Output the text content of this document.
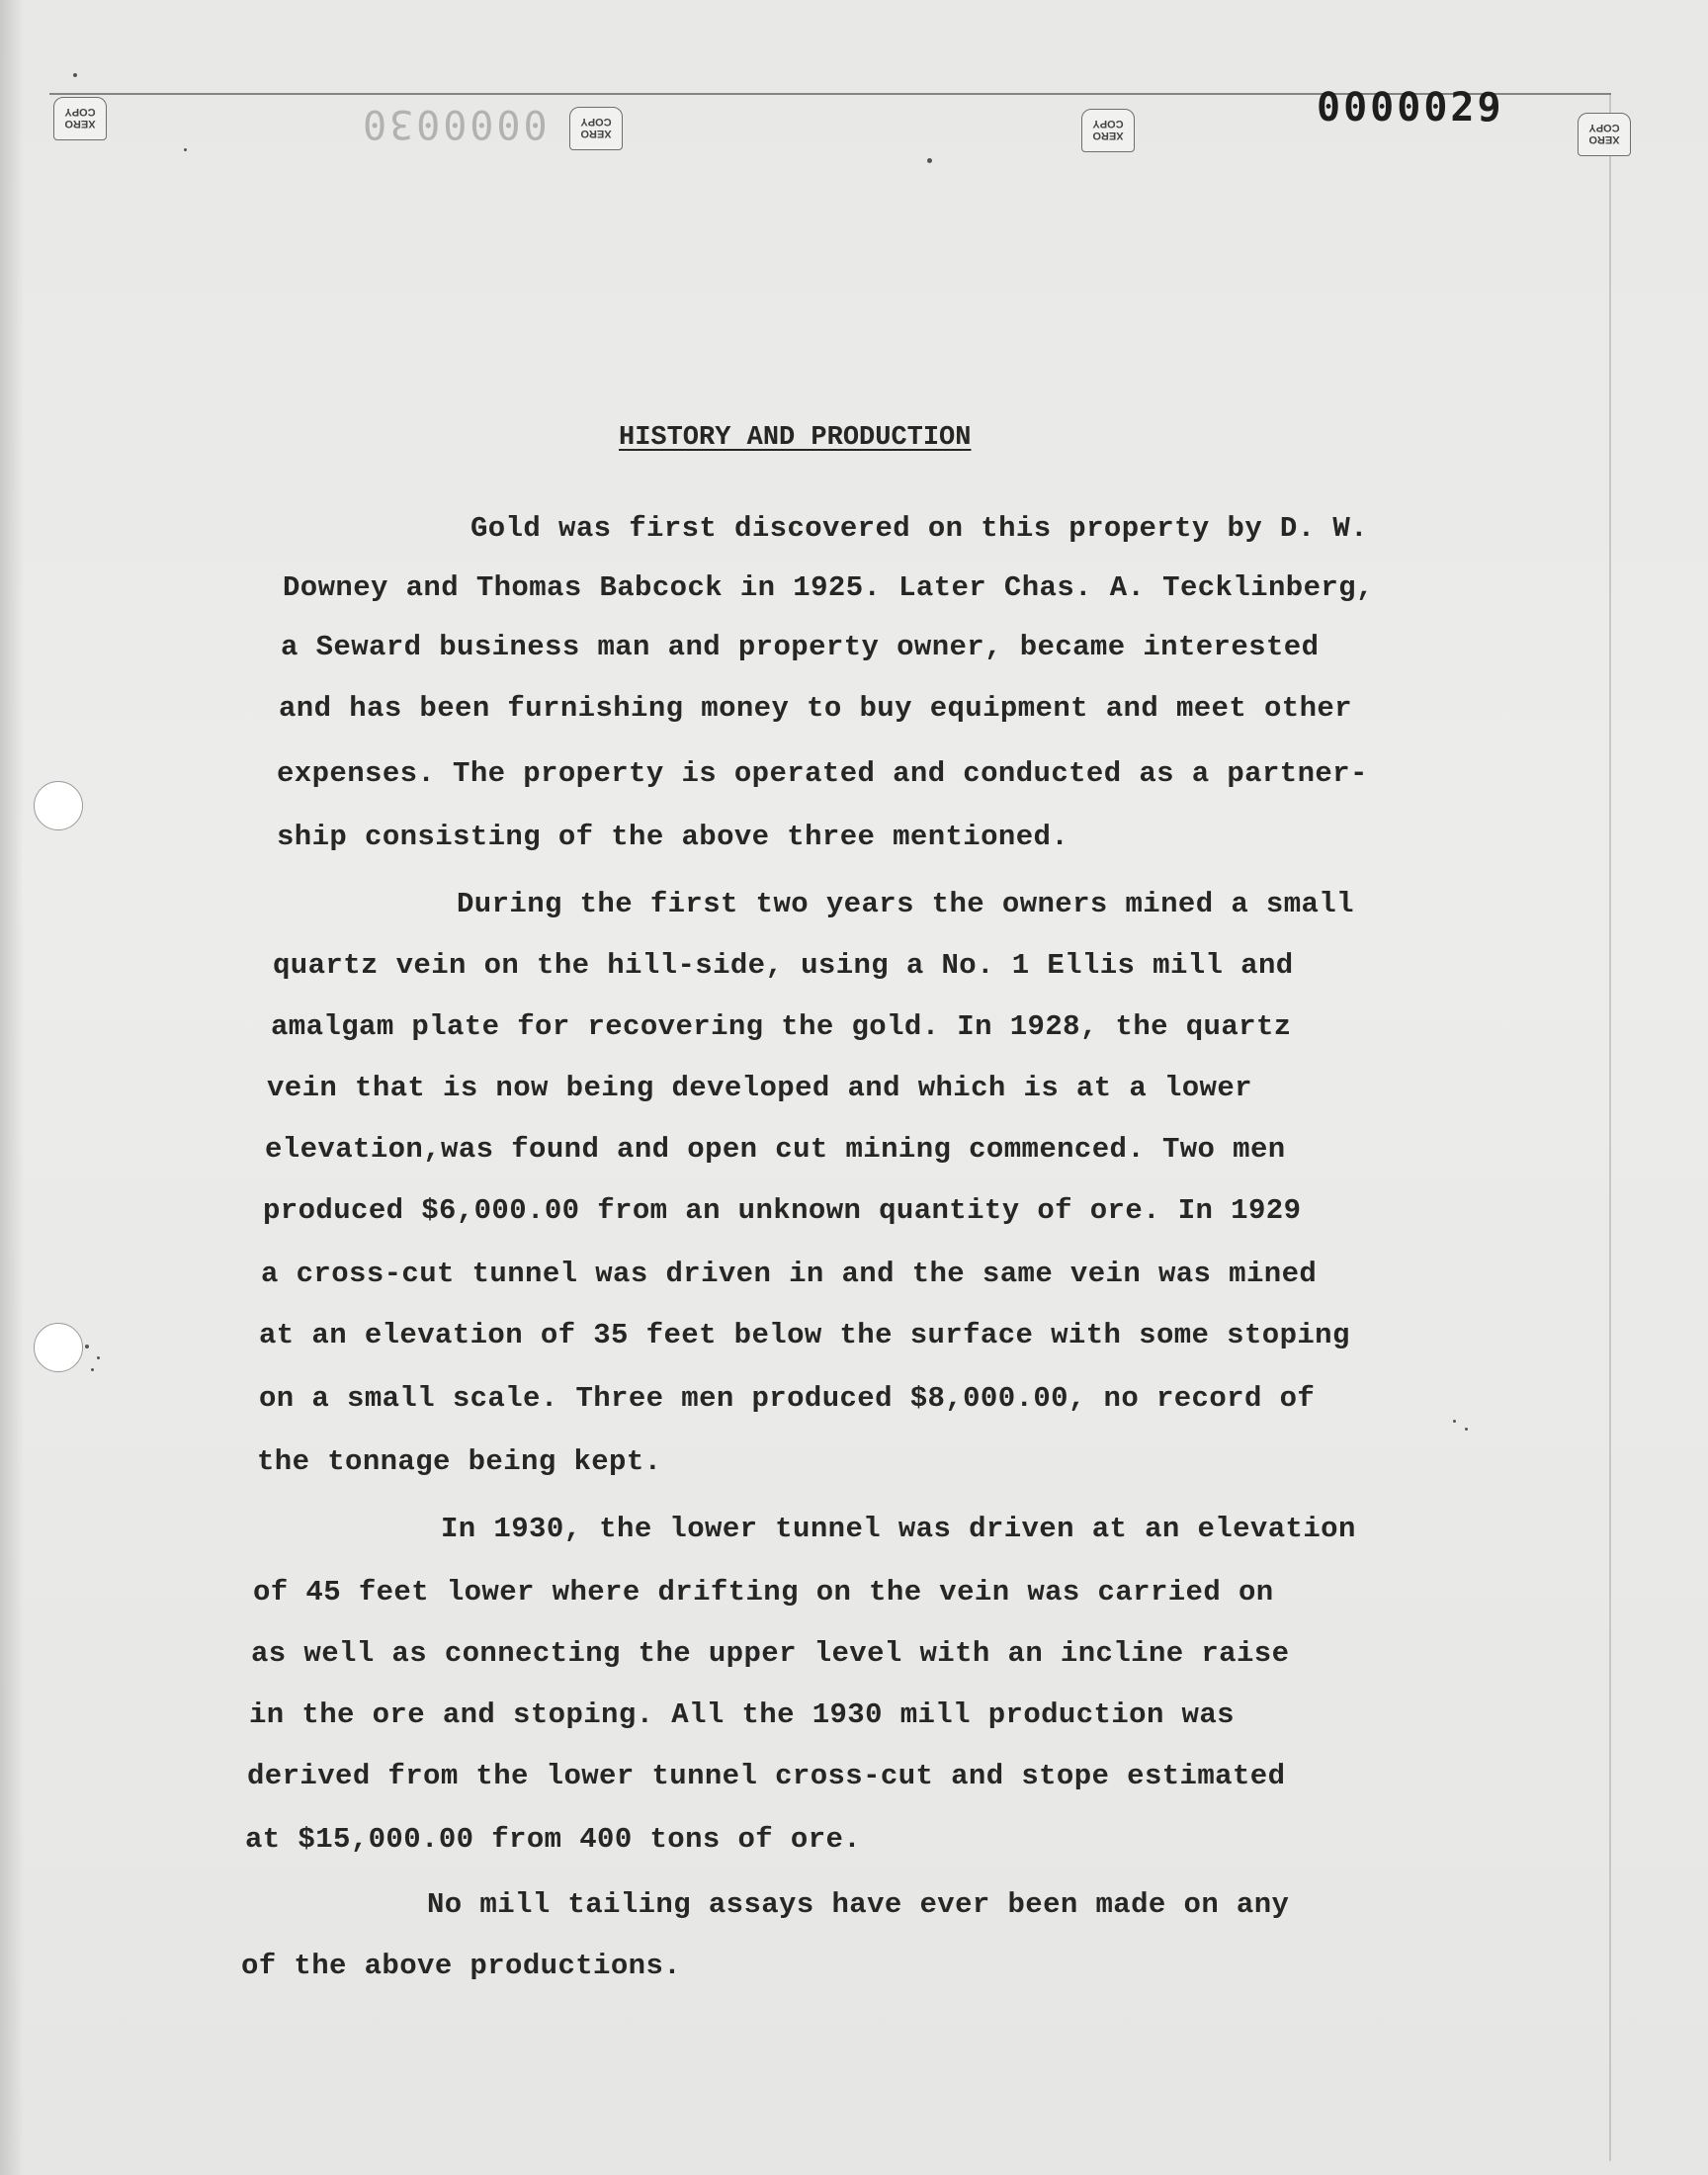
XERO
COPY
XERO
COPY
XERO
COPY
XERO
COPY
0000030	0000029
HISTORY AND PRODUCTION
Gold was first discovered on this property by D. W.
Downey and Thomas Babcock in 1925. Later Chas. A. Tecklinberg,
a Seward business man and property owner, became interested
and has been furnishing money to buy equipment and meet other
expenses. The property is operated and conducted as a partner-
ship consisting of the above three mentioned.
During the first two years the owners mined a small
quartz vein on the hill-side, using a No. 1 Ellis mill and
amalgam plate for recovering the gold. In 1928, the quartz
vein that is now being developed and which is at a lower
elevation,was found and open cut mining commenced. Two men
produced $6,000.00 from an unknown quantity of ore. In 1929
a cross-cut tunnel was driven in and the same vein was mined
at an elevation of 35 feet below the surface with some stoping
on a small scale. Three men produced $8,000.00, no record of
the tonnage being kept.
In 1930, the lower tunnel was driven at an elevation
of 45 feet lower where drifting on the vein was carried on
as well as connecting the upper level with an incline raise
in the ore and stoping. All the 1930 mill production was
derived from the lower tunnel cross-cut and stope estimated
at $15,000.00 from 400 tons of ore.
No mill tailing assays have ever been made on any
of the above productions.
